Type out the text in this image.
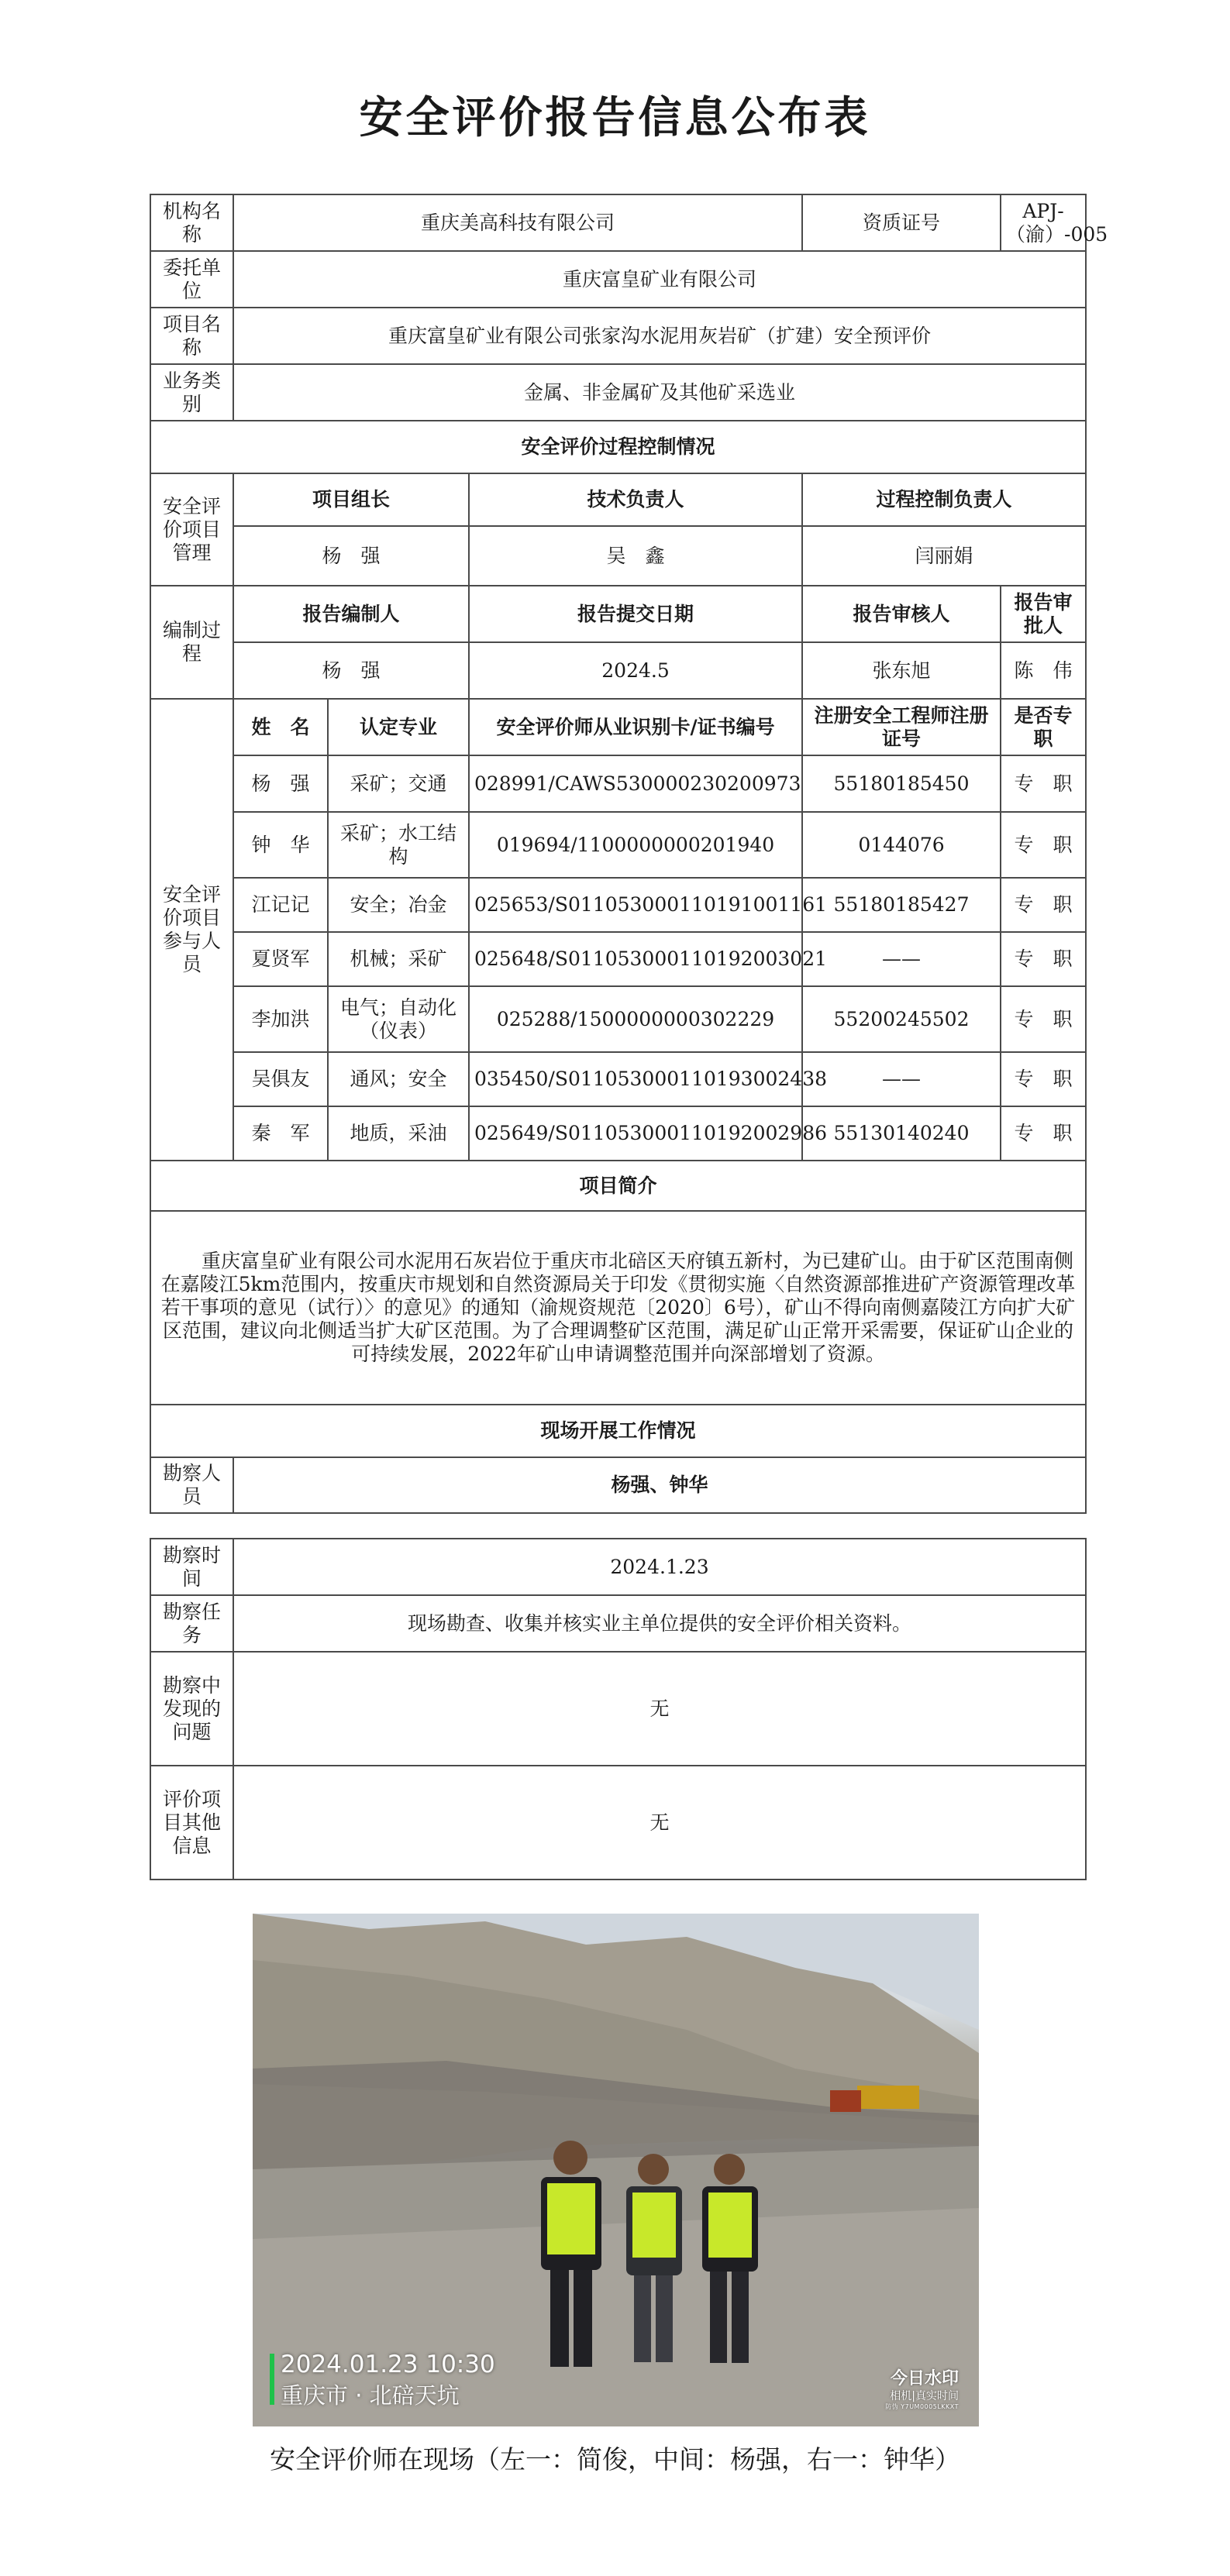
安全评价报告信息公布表
机构名称	重庆美高科技有限公司			资质证号	APJ-（渝）-005
委托单位	重庆富皇矿业有限公司				
项目名称	重庆富皇矿业有限公司张家沟水泥用灰岩矿（扩建）安全预评价				
业务类别	金属、非金属矿及其他矿采选业				
安全评价过程控制情况					
安全评价项目管理	项目组长		技术负责人	过程控制负责人	
	杨　强		吴　鑫	闫丽娟	
编制过程	报告编制人		报告提交日期	报告审核人	报告审批人
	杨　强		2024.5	张东旭	陈　伟
安全评价项目参与人员	姓　名	认定专业	安全评价师从业识别卡/证书编号	注册安全工程师注册证号	是否专职
	杨　强	采矿；交通	028991/CAWS530000230200973	55180185450	专　职
	钟　华	采矿；水工结构	019694/1100000000201940	0144076	专　职
	江记记	安全；冶金	025653/S011053000110191001161	55180185427	专　职
	夏贤军	机械；采矿	025648/S011053000110192003021	——	专　职
	李加洪	电气；自动化（仪表）	025288/1500000000302229	55200245502	专　职
	吴俱友	通风；安全	035450/S011053000110193002438	——	专　职
	秦　军	地质，采油	025649/S011053000110192002986	55130140240	专　职
项目简介					
重庆富皇矿业有限公司水泥用石灰岩位于重庆市北碚区天府镇五新村，为已建矿山。由于矿区范围南侧在嘉陵江5km范围内，按重庆市规划和自然资源局关于印发《贯彻实施〈自然资源部推进矿产资源管理改革若干事项的意见（试行）〉的意见》的通知（渝规资规范〔2020〕6号），矿山不得向南侧嘉陵江方向扩大矿区范围，建议向北侧适当扩大矿区范围。为了合理调整矿区范围，满足矿山正常开采需要，保证矿山企业的可持续发展，2022年矿山申请调整范围并向深部增划了资源。					
现场开展工作情况					
勘察人员	杨强、钟华				
勘察时间	2024.1.23
勘察任务	现场勘查、收集并核实业主单位提供的安全评价相关资料。
勘察中发现的问题	无
评价项目其他信息	无
2024.01.23 10:30
重庆市 · 北碚天坑
今日水印
相机|真实时间
防伪 Y7UM0005LKKXT
安全评价师在现场（左一：简俊，中间：杨强，右一：钟华）
